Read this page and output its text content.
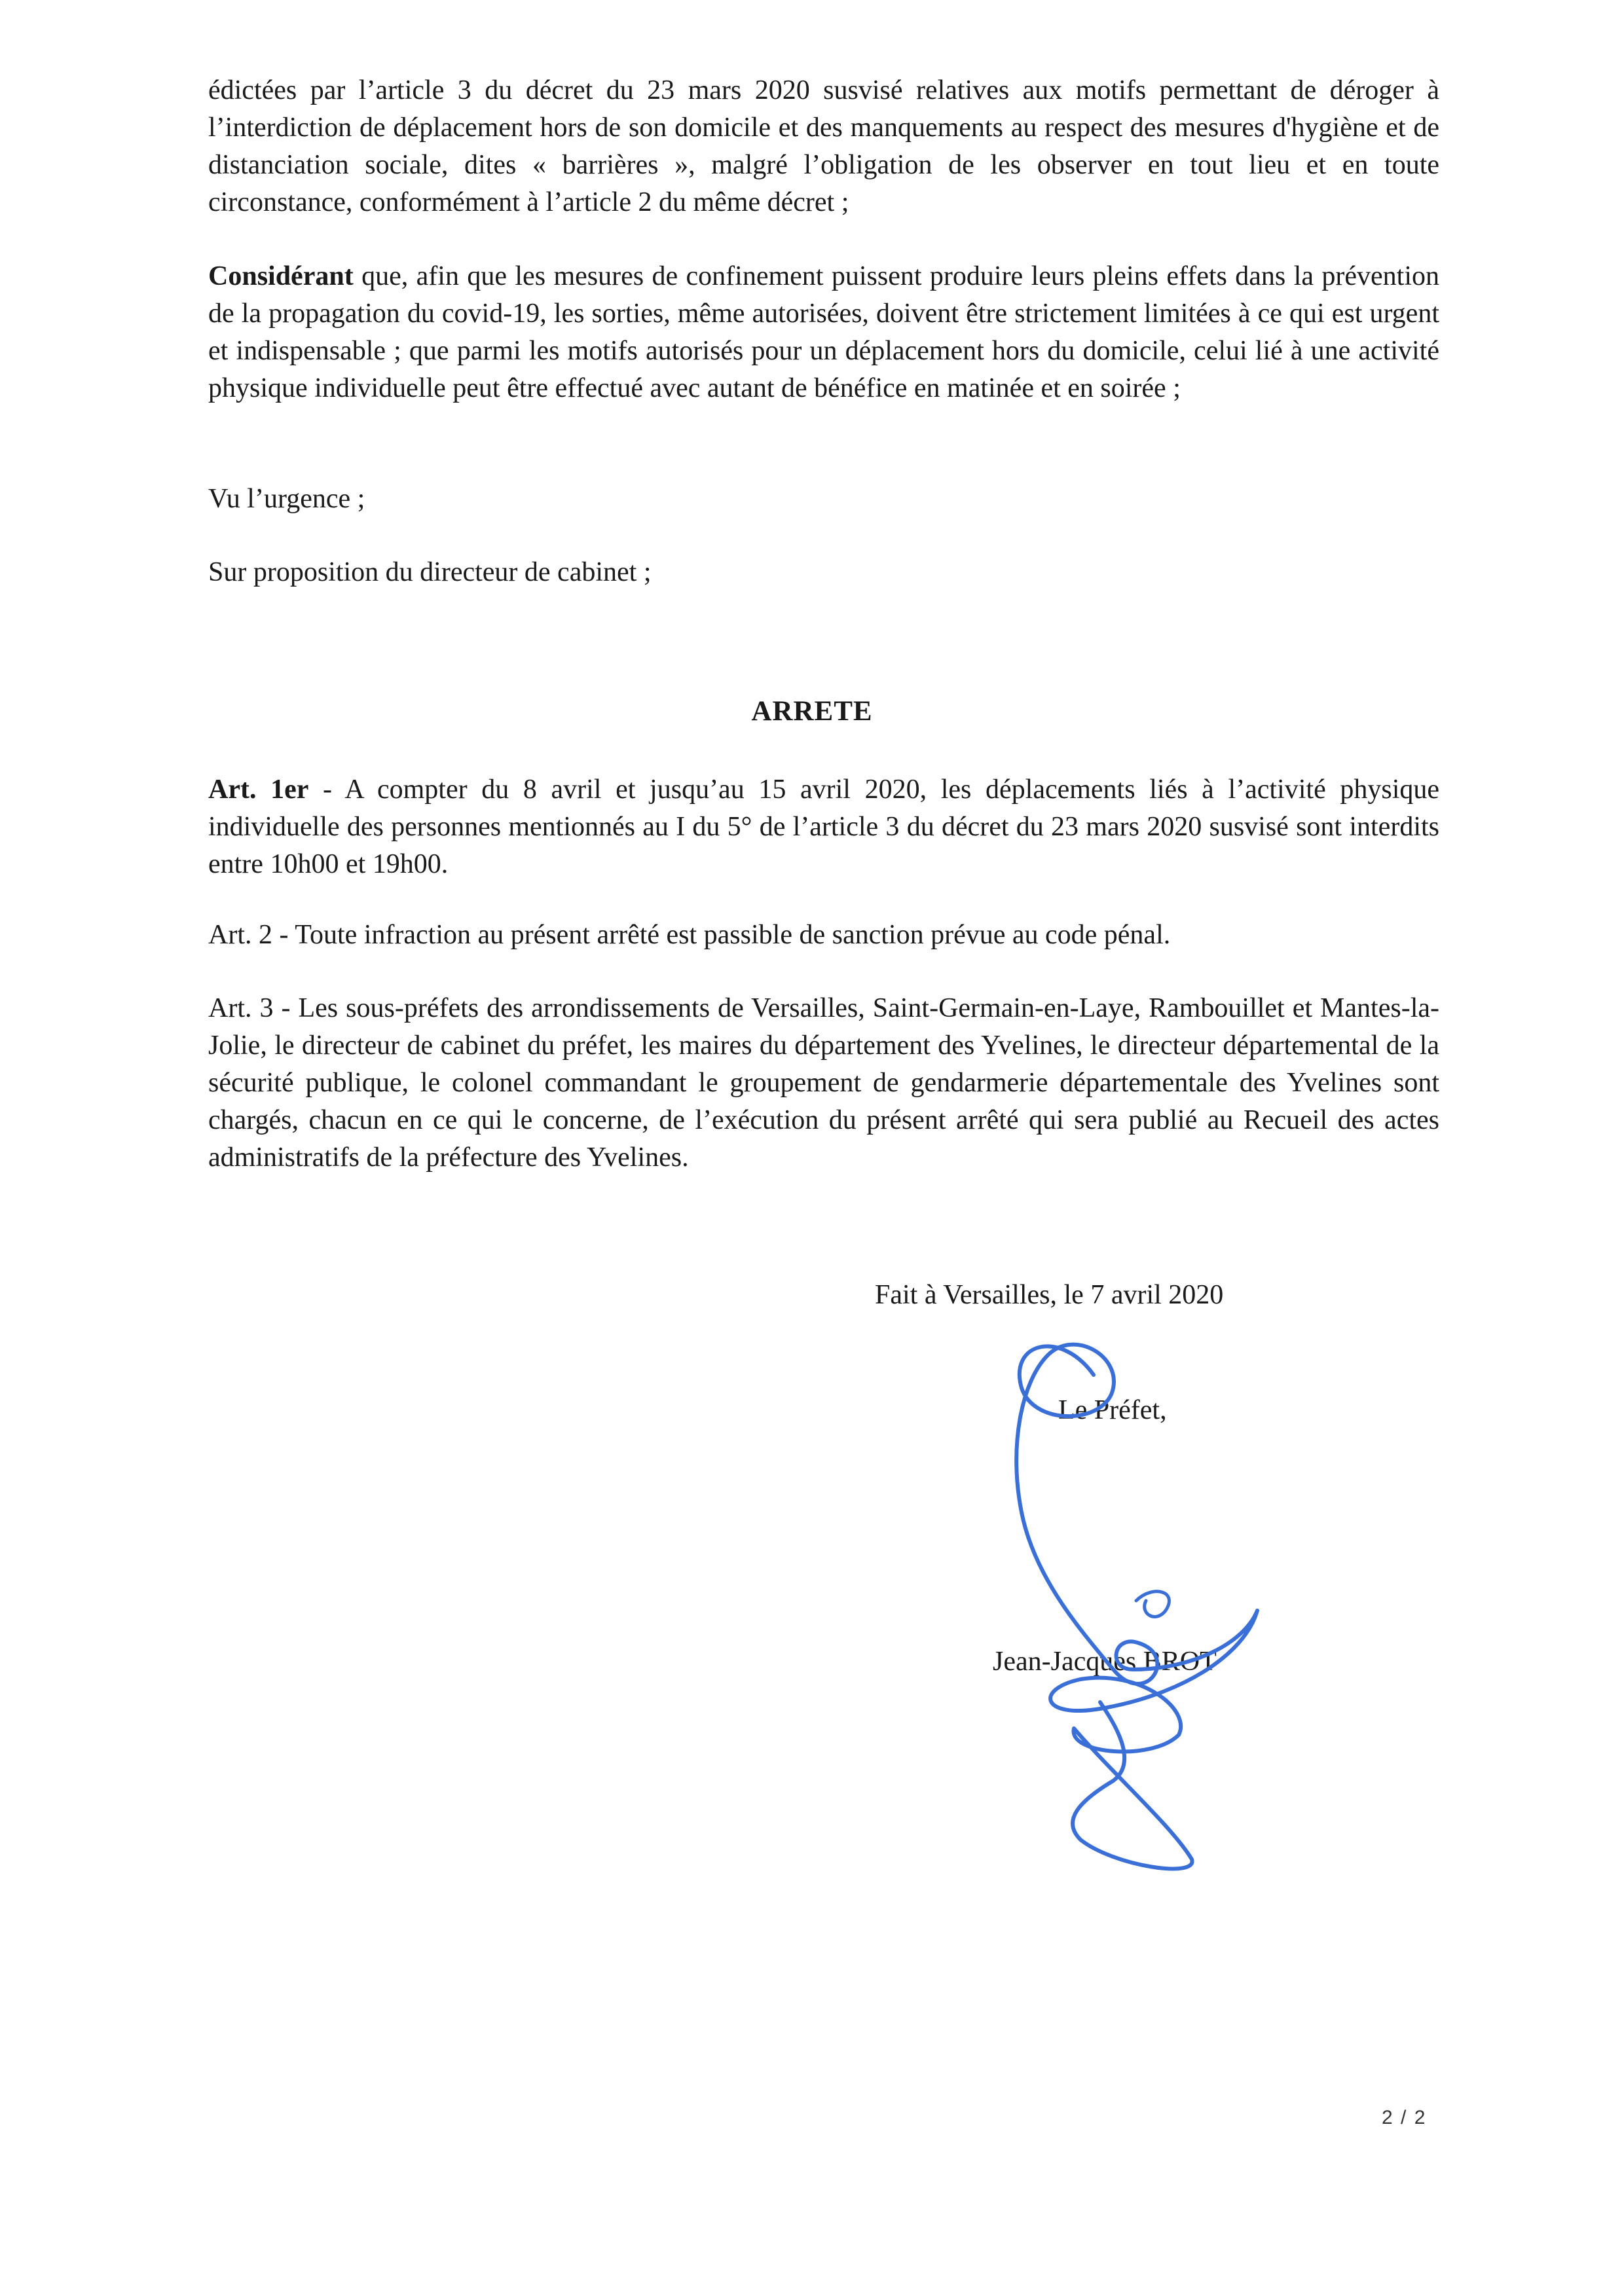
édictées par l’article 3 du décret du 23 mars 2020 susvisé relatives aux motifs permettant de déroger à l’interdiction de déplacement hors de son domicile et des manquements au respect des mesures d'hygiène et de distanciation sociale, dites « barrières », malgré l’obligation de les observer en tout lieu et en toute circonstance, conformément à l’article 2 du même décret ;

Considérant que, afin que les mesures de confinement puissent produire leurs pleins effets dans la prévention de la propagation du covid-19, les sorties, même autorisées, doivent être strictement limitées à ce qui est urgent et indispensable ; que parmi les motifs autorisés pour un déplacement hors du domicile, celui lié à une activité physique individuelle peut être effectué avec autant de bénéfice en matinée et en soirée ;

Vu l’urgence ;

Sur proposition du directeur de cabinet ;

ARRETE

Art. 1er - A compter du 8 avril et jusqu’au 15 avril 2020, les déplacements liés à l’activité physique individuelle des personnes mentionnés au I du 5° de l’article 3 du décret du 23 mars 2020 susvisé sont interdits entre 10h00 et 19h00.

Art. 2 - Toute infraction au présent arrêté est passible de sanction prévue au code pénal.

Art. 3 - Les sous-préfets des arrondissements de Versailles, Saint-Germain-en-Laye, Rambouillet et Mantes-la-Jolie, le directeur de cabinet du préfet, les maires du département des Yvelines, le directeur départemental de la sécurité publique, le colonel commandant le groupement de gendarmerie départementale des Yvelines sont chargés, chacun en ce qui le concerne, de l’exécution du présent arrêté qui sera publié au Recueil des actes administratifs de la préfecture des Yvelines.

Fait à Versailles, le 7 avril 2020

Le Préfet,

Jean-Jacques BROT

2 / 2
